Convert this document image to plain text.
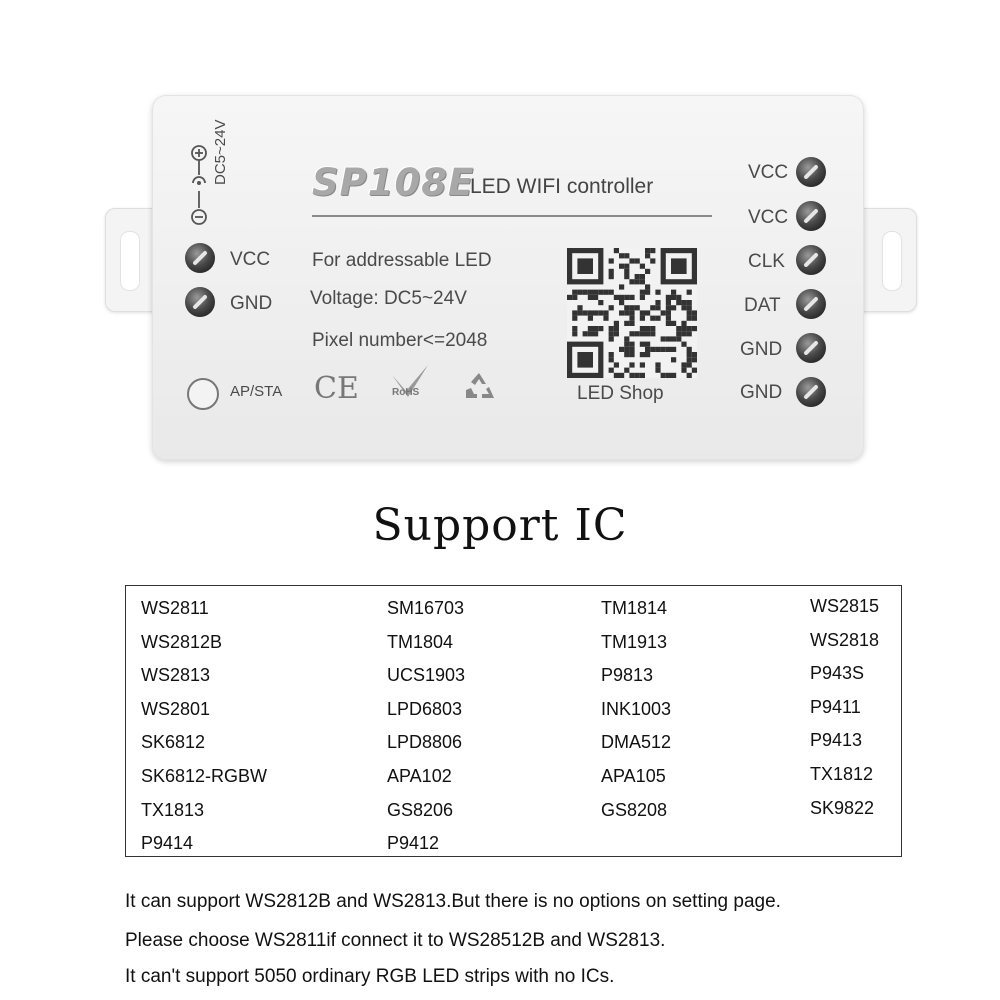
DC5~24V SP108E
LED WIFI controller
VCC
GND
For addressable LED
Voltage: DC5~24V
Pixel number<=2048
AP/STA CE	RoHS	LED Shop
VCC
VCC
CLK
DAT
GND
GND
Support IC
WS2811
WS2812B
WS2813
WS2801
SK6812
SK6812-RGBW
TX1813
P9414
SM16703
TM1804
UCS1903
LPD6803
LPD8806
APA102
GS8206
P9412
TM1814
TM1913
P9813
INK1003
DMA512
APA105
GS8208
WS2815
WS2818
P943S
P9411
P9413
TX1812
SK9822
It can support WS2812B and WS2813.But there is no options on setting page.
Please choose WS2811if connect it to WS28512B and WS2813.
It can't support 5050 ordinary RGB LED strips with no ICs.
